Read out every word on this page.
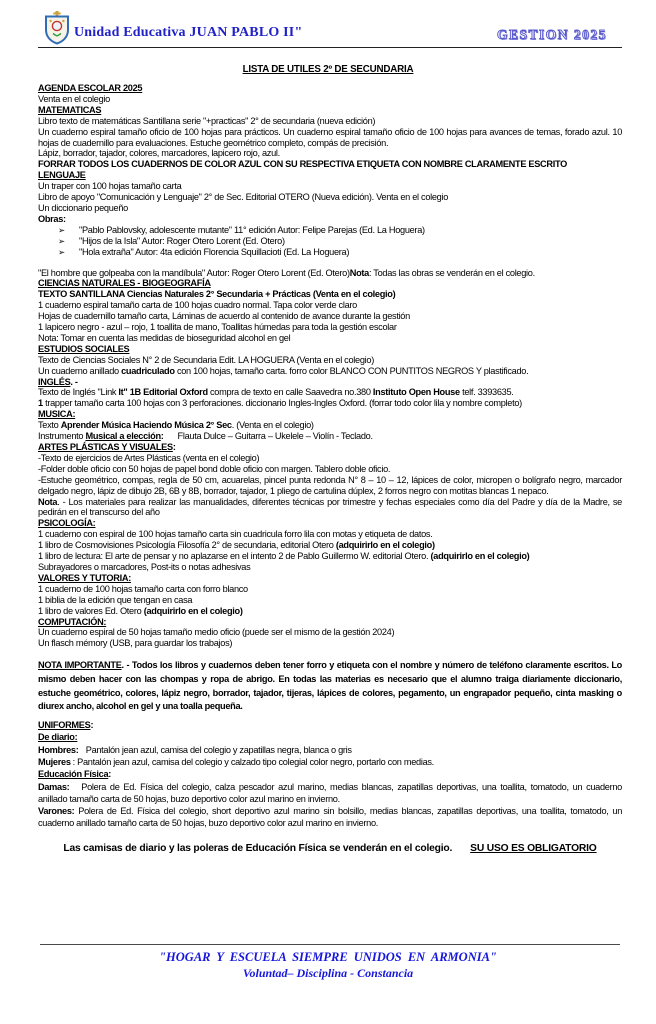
Unidad Educativa JUAN PABLO II"	GESTION 2025
LISTA DE UTILES 2º DE SECUNDARIA
AGENDA ESCOLAR 2025
Venta en el colegio
MATEMATICAS
Libro texto de matemáticas Santillana serie "+practicas" 2° de secundaria (nueva edición)
Un cuaderno espiral tamaño oficio de 100 hojas para prácticos. Un cuaderno espiral tamaño oficio de 100 hojas para avances de temas, forado azul. 10 hojas de cuadernillo para evaluaciones. Estuche geométrico completo, compás de precisión.
Lápiz, borrador, tajador, colores, marcadores, lapicero rojo, azul.
FORRAR TODOS LOS CUADERNOS DE COLOR AZUL CON SU RESPECTIVA ETIQUETA CON NOMBRE CLARAMENTE ESCRITO
LENGUAJE
Un traper con 100 hojas tamaño carta
Libro de apoyo "Comunicación y Lenguaje" 2° de Sec. Editorial OTERO (Nueva edición). Venta en el colegio
Un diccionario pequeño
Obras:
➢ "Pablo Pablovsky, adolescente mutante" 11° edición Autor: Felipe Parejas (Ed. La Hoguera)
➢ "Hijos de la Isla" Autor: Roger Otero Lorent (Ed. Otero)
➢ "Hola extraña" Autor: 4ta edición Florencia Squillacioti (Ed. La Hoguera)
"El hombre que golpeaba con la mandíbula" Autor: Roger Otero Lorent (Ed. Otero)Nota: Todas las obras se venderán en el colegio.
CIENCIAS NATURALES - BIOGEOGRAFÍA
TEXTO SANTILLANA Ciencias Naturales 2° Secundaria + Prácticas (Venta en el colegio)
1 cuaderno espiral tamaño carta de 100 hojas cuadro normal. Tapa color verde claro
Hojas de cuadernillo tamaño carta, Láminas de acuerdo al contenido de avance durante la gestión
1 lapicero negro - azul – rojo, 1 toallita de mano, Toallitas húmedas para toda la gestión escolar
Nota: Tomar en cuenta las medidas de bioseguridad alcohol en gel
ESTUDIOS SOCIALES
Texto de Ciencias Sociales N° 2 de Secundaria Edit. LA HOGUERA (Venta en el colegio)
Un cuaderno anillado cuadriculado con 100 hojas, tamaño carta. forro color BLANCO CON PUNTITOS NEGROS Y plastificado.
INGLÉS. -
Texto de Inglés "Link It" 1B Editorial Oxford compra de texto en calle Saavedra no.380 Instituto Open House telf. 3393635.
1 trapper tamaño carta 100 hojas con 3 perforaciones. diccionario Ingles-Ingles Oxford. (forrar todo color lila y nombre completo)
MUSICA:
Texto Aprender Música Haciendo Música 2° Sec. (Venta en el colegio)
Instrumento Musical a elección: Flauta Dulce – Guitarra – Ukelele – Violín - Teclado.
ARTES PLÁSTICAS Y VISUALES:
-Texto de ejercicios de Artes Plásticas (venta en el colegio)
-Folder doble oficio con 50 hojas de papel bond doble oficio con margen. Tablero doble oficio.
-Estuche geométrico, compas, regla de 50 cm, acuarelas, pincel punta redonda N° 8 – 10 – 12, lápices de color, micropen o bolígrafo negro, marcador delgado negro, lápiz de dibujo 2B, 6B y 8B, borrador, tajador, 1 pliego de cartulina dúplex, 2 forros negro con motitas blancas 1 nepaco.
Nota. - Los materiales para realizar las manualidades, diferentes técnicas por trimestre y fechas especiales como día del Padre y día de la Madre, se pedirán en el transcurso del año
PSICOLOGÍA:
1 cuaderno con espiral de 100 hojas tamaño carta sin cuadricula forro lila con motas y etiqueta de datos.
1 libro de Cosmovisiones Psicología Filosofía 2° de secundaria, editorial Otero (adquirirlo en el colegio)
1 libro de lectura: El arte de pensar y no aplazarse en el intento 2 de Pablo Guillermo W. editorial Otero. (adquirirlo en el colegio)
Subrayadores o marcadores, Post-its o notas adhesivas
VALORES Y TUTORIA:
1 cuaderno de 100 hojas tamaño carta con forro blanco
1 biblia de la edición que tengan en casa
1 libro de valores Ed. Otero (adquirirlo en el colegio)
COMPUTACIÓN:
Un cuaderno espiral de 50 hojas tamaño medio oficio (puede ser el mismo de la gestión 2024)
Un flasch mémory (USB, para guardar los trabajos)
NOTA IMPORTANTE. - Todos los libros y cuadernos deben tener forro y etiqueta con el nombre y número de teléfono claramente escritos. Lo mismo deben hacer con las chompas y ropa de abrigo. En todas las materias es necesario que el alumno traiga diariamente diccionario, estuche geométrico, colores, lápiz negro, borrador, tajador, tijeras, lápices de colores, pegamento, un engrapador pequeño, cinta masking o diurex ancho, alcohol en gel y una toalla pequeña.
UNIFORMES:
De diario:
Hombres: Pantalón jean azul, camisa del colegio y zapatillas negra, blanca o gris
Mujeres : Pantalón jean azul, camisa del colegio y calzado tipo colegial color negro, portarlo con medias.
Educación Física:
Damas: Polera de Ed. Física del colegio, calza pescador azul marino, medias blancas, zapatillas deportivas, una toallita, tomatodo, un cuaderno anillado tamaño carta de 50 hojas, buzo deportivo color azul marino en invierno.
Varones: Polera de Ed. Física del colegio, short deportivo azul marino sin bolsillo, medias blancas, zapatillas deportivas, una toallita, tomatodo, un cuaderno anillado tamaño carta de 50 hojas, buzo deportivo color azul marino en invierno.
Las camisas de diario y las poleras de Educación Física se venderán en el colegio. SU USO ES OBLIGATORIO
"HOGAR Y ESCUELA SIEMPRE UNIDOS EN ARMONIA"
Voluntad– Disciplina - Constancia
